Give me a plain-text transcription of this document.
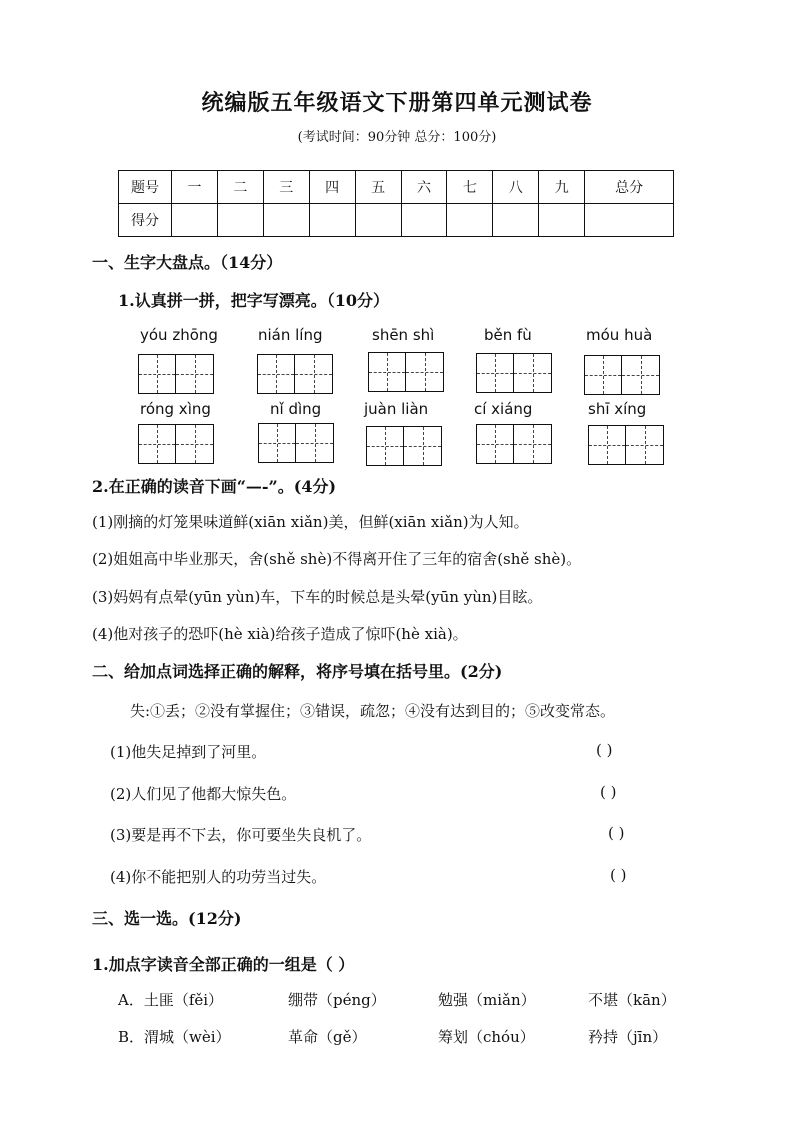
统编版五年级语文下册第四单元测试卷
(考试时间：90分钟 总分：100分)
题号	一	二	三	四	五	六	七	八	九	总分
得分										
一、生字大盘点。（14分）
1.认真拼一拼，把字写漂亮。（10分）
yóu zhōng	nián líng	shēn shì	běn fù	móu huà
róng xìng	nǐ dìng	juàn liàn	cí xiáng	shī xíng
2.在正确的读音下画“—-”。(4分)
(1)刚摘的灯笼果味道鲜(xiān xiǎn)美，但鲜(xiān xiǎn)为人知。
(2)姐姐高中毕业那天，舍(shě shè)不得离开住了三年的宿舍(shě shè)。
(3)妈妈有点晕(yūn yùn)车，下车的时候总是头晕(yūn yùn)目眩。
(4)他对孩子的恐吓(hè xià)给孩子造成了惊吓(hè xià)。
二、给加点词选择正确的解释，将序号填在括号里。(2分)
失:①丢；②没有掌握住；③错误，疏忽；④没有达到目的；⑤改变常态。
(1)他失足掉到了河里。	( )
(2)人们见了他都大惊失色。	( )
(3)要是再不下去，你可要坐失良机了。	( )
(4)你不能把别人的功劳当过失。	( )
三、选一选。(12分)
1.加点字读音全部正确的一组是（ ）
A．土匪（fěi）	绷带（péng）	勉强（miǎn）	不堪（kān）
B．渭城（wèi）	革命（gě）	筹划（chóu）	矜持（jīn）
